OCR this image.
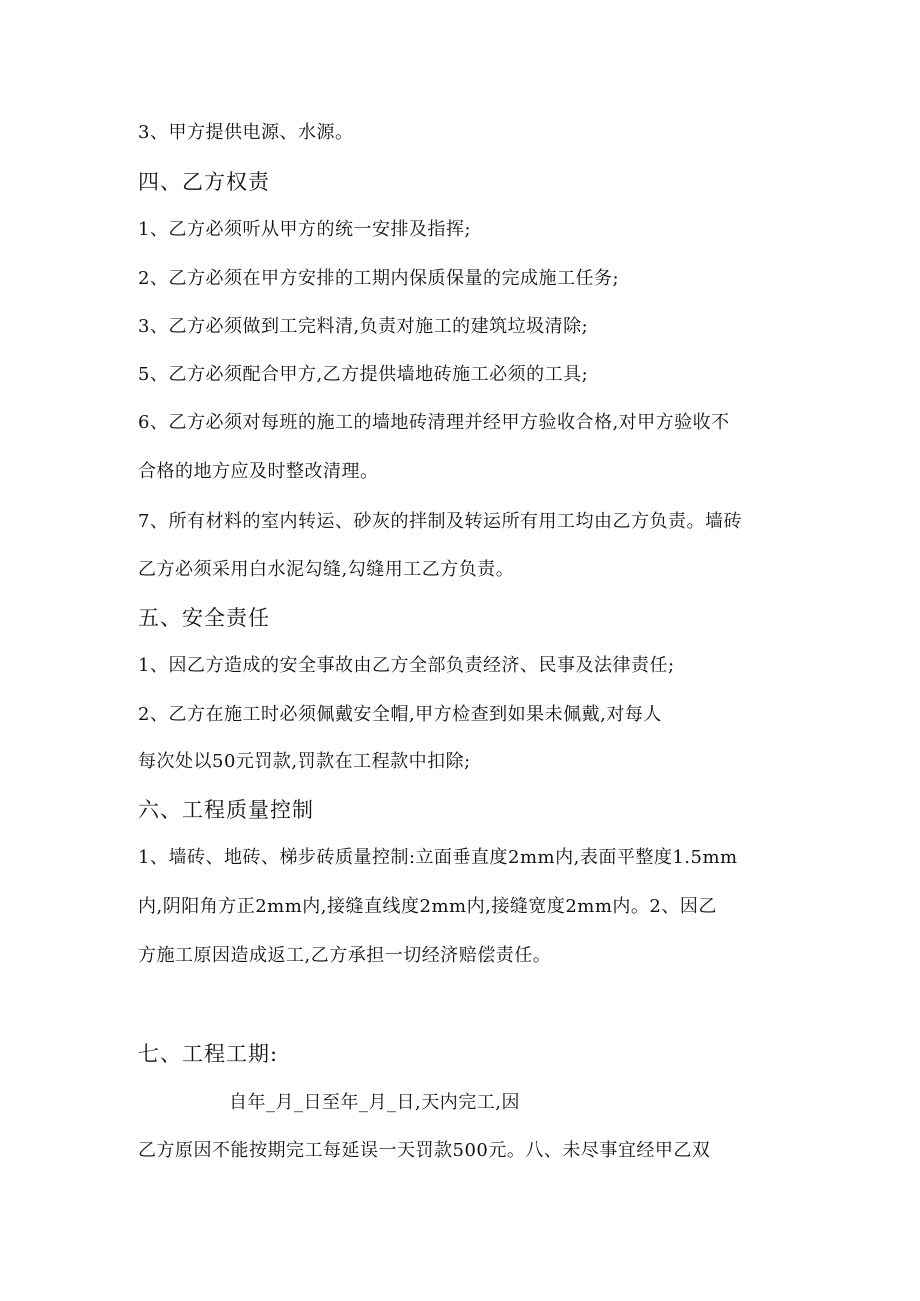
3、甲方提供电源、水源。
四、乙方权责
1、乙方必须听从甲方的统一安排及指挥;
2、乙方必须在甲方安排的工期内保质保量的完成施工任务;
3、乙方必须做到工完料清,负责对施工的建筑垃圾清除;
5、乙方必须配合甲方,乙方提供墙地砖施工必须的工具;
6、乙方必须对每班的施工的墙地砖清理并经甲方验收合格,对甲方验收不
合格的地方应及时整改清理。
7、所有材料的室内转运、砂灰的拌制及转运所有用工均由乙方负责。墙砖
乙方必须采用白水泥勾缝,勾缝用工乙方负责。
五、安全责任
1、因乙方造成的安全事故由乙方全部负责经济、民事及法律责任;
2、乙方在施工时必须佩戴安全帽,甲方检查到如果未佩戴,对每人
每次处以50元罚款,罚款在工程款中扣除;
六、工程质量控制
1、墙砖、地砖、梯步砖质量控制:立面垂直度2mm内,表面平整度1.5mm
内,阴阳角方正2mm内,接缝直线度2mm内,接缝宽度2mm内。2、因乙
方施工原因造成返工,乙方承担一切经济赔偿责任。
七、工程工期:
自年_月_日至年_月_日,天内完工,因
乙方原因不能按期完工每延误一天罚款500元。八、未尽事宜经甲乙双
